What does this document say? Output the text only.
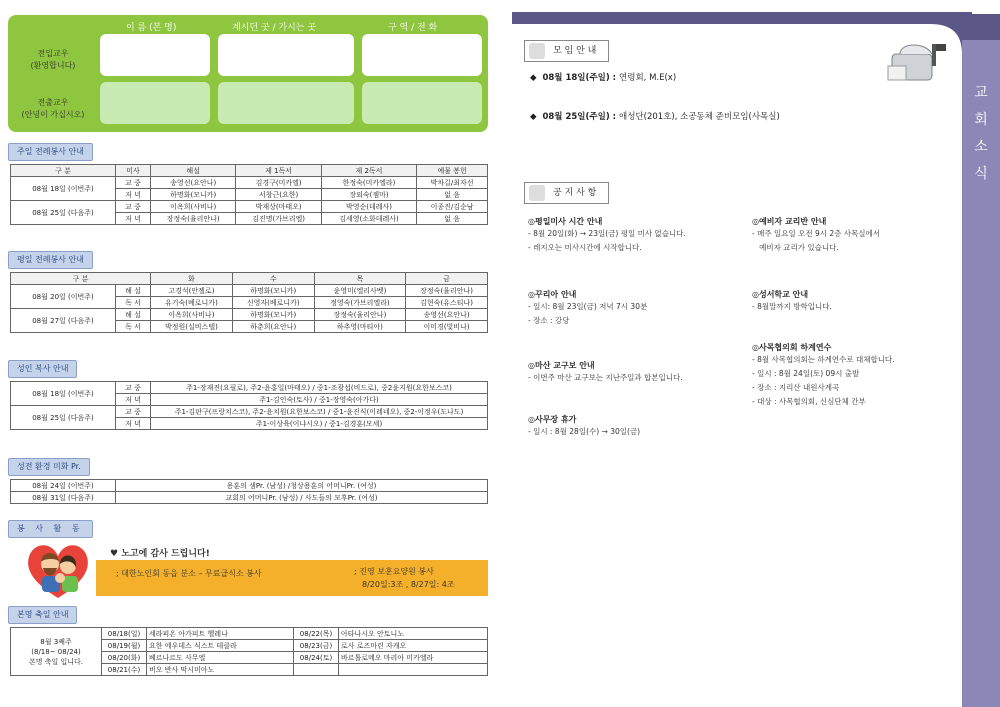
이 름 (본 명)	계시던 곳 / 가시는 곳	구 역 / 전 화
전입교우
(환영합니다)
전출교우
(안녕이 가십시오)
주일 전례봉사 안내
구 분	미사	해설	제 1독서	제 2독서	예물 봉헌
08월 18일 (이번주)	교 중	송영선(요안나)	김경구(미카엘)	한정숙(미카엘라)	박차길/최자선
	저 녁	하명화(모니카)	서창근(요한)	장외숙(젬마)	없 음
08월 25일 (다음주)	교 중	이옥희(사비나)	박재상(마태오)	박영순(데레사)	이종진/김순남
	저 녁	장정숙(율리안나)	김진명(가브리엘)	김세영(소화데레사)	없 음
평일 전례봉사 안내
구 분		화	수	목	금
08월 20일 (이번주)	해 설	고경석(안젤로)	하명화(모니카)	윤영미(엘리사벳)	장정숙(율리안나)
	독 서	유기숙(베로니카)	신영자(베로니카)	정영숙(가브리엘라)	김현숙(유스티나)
08월 27일 (다음주)	해 설	이옥희(사비나)	하명화(모니카)	장정숙(율리안나)	송영선(요안나)
	독 서	박정원(실비스텔)	하춘희(요안나)	하추영(마티아)	이미경(빛비나)
성인 복사 안내
08월 18일 (이번주)	교 중	주1-장재진(요필로), 주2-윤홍일(마태오) / 중1-조광섭(비드로), 중2윤지원(요한보스코)
	저 녁	주1-김인숙(토사) / 중1-장영숙(아가다)
08월 25일 (다음주)	교 중	주1-김판구(프랑치스코), 주2-윤치원(요한보스코) / 중1-윤진식(이레네오), 중2-이정우(도나도)
	저 녁	주1-이상육(이냐시오) / 중1-김경훈(모세)
성전 환경 미화 Pr.
08월 24일 (이번주)	용훈의 샘Pr. (남성) /청상용훈의 어머니Pr. (여성)
08월 31일 (다음주)	교회의 어머니Pr. (남성) / 사도들의 모후Pr. (여성)
봉 사 활 동
♥ 노고에 감사 드립니다!
; 대한노인회 동읍 분소 – 무료급식소 봉사	; 진영 보훈요양원 봉사
8/20일:3조 , 8/27일: 4조
본명 축일 안내
8월 3째주
(8/18~ 08/24)
본명 축일 입니다.	08/18(일)	세라피온 아가피트 헬레나	08/22(목)	아타나시오 안토니노
	08/19(월)	요한 에우데스 식스트 테클라	08/23(금)	로사 로즈마린 자캐오
	08/20(화)	베르나르도 사무엘	08/24(토)	바르톨로메오 마리아 미카엘라
	08/21(수)	비오 반사 막시미아노		
교
회
소
식
모 임 안 내
◆  08월 18일(주일) : 연령회, M.E(x)
◆  08월 25일(주일) : 애성단(201호), 소공동체 준비모임(사목실)
공 지 사 항
◎평일미사 시간 안내
- 8월 20일(화) → 23일(금) 평일 미사 없습니다.
- 레지오는 미사시간에 시작합니다.
◎꾸리아 안내
- 일시: 8월 23일(금) 저녁 7시 30분
- 장소 : 강당
◎마산 교구보 안내
- 이번주 마산 교구보는 지난주일과 합본입니다.
◎사무장 휴가
- 일시 : 8월 28일(수) → 30일(금)
◎예비자 교리반 안내
- 매주 일요일 오전 9시 2층 사목실에서
예비자 교리가 있습니다.
◎성서학교 안내
- 8월말까지 방학입니다.
◎사목협의회 하계연수
- 8월 사목협의회는 하계연수로 대체합니다.
- 일시 : 8월 24일(토) 09시 출발
- 장소 : 지리산 내원사계곡
- 대상 : 사목협의회, 신심단체 간부
